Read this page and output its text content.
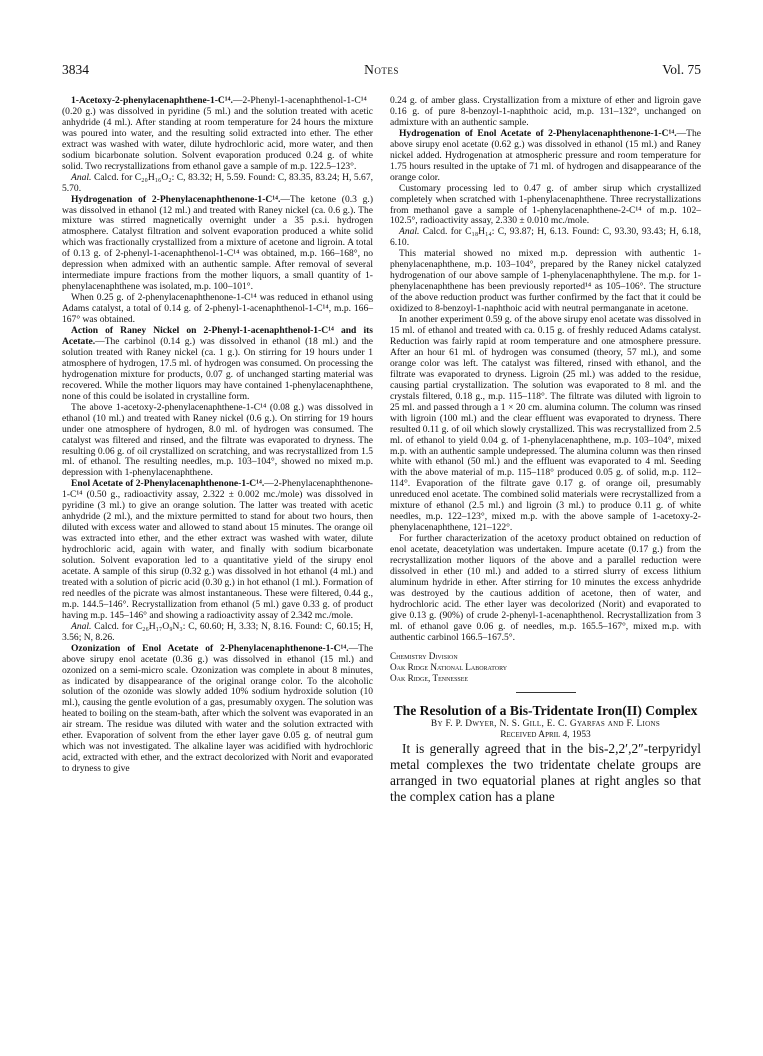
3834	Notes	Vol. 75

1-Acetoxy-2-phenylacenaphthene-1-C¹⁴.—2-Phenyl-1-acenaphthenol-1-C¹⁴ (0.20 g.) was dissolved in pyridine (5 ml.) and the solution treated with acetic anhydride (4 ml.). After standing at room temperature for 24 hours the mixture was poured into water, and the resulting solid extracted into ether. The ether extract was washed with water, dilute hydrochloric acid, more water, and then sodium bicarbonate solution. Solvent evaporation produced 0.24 g. of white solid. Two recrystallizations from ethanol gave a sample of m.p. 122.5–123°.

Anal. Calcd. for C₂₀H₁₆O₂: C, 83.32; H, 5.59. Found: C, 83.35, 83.24; H, 5.67, 5.70.

Hydrogenation of 2-Phenylacenaphthenone-1-C¹⁴.—The ketone (0.3 g.) was dissolved in ethanol (12 ml.) and treated with Raney nickel (ca. 0.6 g.). The mixture was stirred magnetically overnight under a 35 p.s.i. hydrogen atmosphere. Catalyst filtration and solvent evaporation produced a white solid which was fractionally crystallized from a mixture of acetone and ligroin. A total of 0.13 g. of 2-phenyl-1-acenaphthenol-1-C¹⁴ was obtained, m.p. 166–168°, no depression when admixed with an authentic sample. After removal of several intermediate impure fractions from the mother liquors, a small quantity of 1-phenylacenaphthene was isolated, m.p. 100–101°.

When 0.25 g. of 2-phenylacenaphthenone-1-C¹⁴ was reduced in ethanol using Adams catalyst, a total of 0.14 g. of 2-phenyl-1-acenaphthenol-1-C¹⁴, m.p. 166–167° was obtained.

Action of Raney Nickel on 2-Phenyl-1-acenaphthenol-1-C¹⁴ and its Acetate.—The carbinol (0.14 g.) was dissolved in ethanol (18 ml.) and the solution treated with Raney nickel (ca. 1 g.). On stirring for 19 hours under 1 atmosphere of hydrogen, 17.5 ml. of hydrogen was consumed. On processing the hydrogenation mixture for products, 0.07 g. of unchanged starting material was recovered. While the mother liquors may have contained 1-phenylacenaphthene, none of this could be isolated in crystalline form.

The above 1-acetoxy-2-phenylacenaphthene-1-C¹⁴ (0.08 g.) was dissolved in ethanol (10 ml.) and treated with Raney nickel (0.6 g.). On stirring for 19 hours under one atmosphere of hydrogen, 8.0 ml. of hydrogen was consumed. The catalyst was filtered and rinsed, and the filtrate was evaporated to dryness. The resulting 0.06 g. of oil crystallized on scratching, and was recrystallized from 1.5 ml. of ethanol. The resulting needles, m.p. 103–104°, showed no mixed m.p. depression with 1-phenylacenaphthene.

Enol Acetate of 2-Phenylacenaphthenone-1-C¹⁴.—2-Phenylacenaphthenone-1-C¹⁴ (0.50 g., radioactivity assay, 2.322 ± 0.002 mc./mole) was dissolved in pyridine (3 ml.) to give an orange solution. The latter was treated with acetic anhydride (2 ml.), and the mixture permitted to stand for about two hours, then diluted with excess water and allowed to stand about 15 minutes. The orange oil was extracted into ether, and the ether extract was washed with water, dilute hydrochloric acid, again with water, and finally with sodium bicarbonate solution. Solvent evaporation led to a quantitative yield of the sirupy enol acetate. A sample of this sirup (0.32 g.) was dissolved in hot ethanol (4 ml.) and treated with a solution of picric acid (0.30 g.) in hot ethanol (1 ml.). Formation of red needles of the picrate was almost instantaneous. These were filtered, 0.44 g., m.p. 144.5–146°. Recrystallization from ethanol (5 ml.) gave 0.33 g. of product having m.p. 145–146° and showing a radioactivity assay of 2.342 mc./mole.

Anal. Calcd. for C₂₆H₁₇O₉N₃: C, 60.60; H, 3.33; N, 8.16. Found: C, 60.15; H, 3.56; N, 8.26.

Ozonization of Enol Acetate of 2-Phenylacenaphthenone-1-C¹⁴.—The above sirupy enol acetate (0.36 g.) was dissolved in ethanol (15 ml.) and ozonized on a semi-micro scale. Ozonization was complete in about 8 minutes, as indicated by disappearance of the original orange color. To the alcoholic solution of the ozonide was slowly added 10% sodium hydroxide solution (10 ml.), causing the gentle evolution of a gas, presumably oxygen. The solution was heated to boiling on the steam-bath, after which the solvent was evaporated in an air stream. The residue was diluted with water and the solution extracted with ether. Evaporation of solvent from the ether layer gave 0.05 g. of neutral gum which was not investigated. The alkaline layer was acidified with hydrochloric acid, extracted with ether, and the extract decolorized with Norit and evaporated to dryness to give

0.24 g. of amber glass. Crystallization from a mixture of ether and ligroin gave 0.16 g. of pure 8-benzoyl-1-naphthoic acid, m.p. 131–132°, unchanged on admixture with an authentic sample.

Hydrogenation of Enol Acetate of 2-Phenylacenaphthenone-1-C¹⁴.—The above sirupy enol acetate (0.62 g.) was dissolved in ethanol (15 ml.) and Raney nickel added. Hydrogenation at atmospheric pressure and room temperature for 1.75 hours resulted in the uptake of 71 ml. of hydrogen and disappearance of the orange color.

Customary processing led to 0.47 g. of amber sirup which crystallized completely when scratched with 1-phenylacenaphthene. Three recrystallizations from methanol gave a sample of 1-phenylacenaphthene-2-C¹⁴ of m.p. 102–102.5°, radioactivity assay, 2.330 ± 0.010 mc./mole.

Anal. Calcd. for C₁₈H₁₄: C, 93.87; H, 6.13. Found: C, 93.30, 93.43; H, 6.18, 6.10.

This material showed no mixed m.p. depression with authentic 1-phenylacenaphthene, m.p. 103–104°, prepared by the Raney nickel catalyzed hydrogenation of our above sample of 1-phenylacenaphthylene. The m.p. for 1-phenylacenaphthene has been previously reported¹⁴ as 105–106°. The structure of the above reduction product was further confirmed by the fact that it could be oxidized to 8-benzoyl-1-naphthoic acid with neutral permanganate in acetone.

In another experiment 0.59 g. of the above sirupy enol acetate was dissolved in 15 ml. of ethanol and treated with ca. 0.15 g. of freshly reduced Adams catalyst. Reduction was fairly rapid at room temperature and one atmosphere pressure. After an hour 61 ml. of hydrogen was consumed (theory, 57 ml.), and some orange color was left. The catalyst was filtered, rinsed with ethanol, and the filtrate was evaporated to dryness. Ligroin (25 ml.) was added to the residue, causing partial crystallization. The solution was evaporated to 8 ml. and the crystals filtered, 0.18 g., m.p. 115–118°. The filtrate was diluted with ligroin to 25 ml. and passed through a 1 × 20 cm. alumina column. The column was rinsed with ligroin (100 ml.) and the clear effluent was evaporated to dryness. There resulted 0.11 g. of oil which slowly crystallized. This was recrystallized from 2.5 ml. of ethanol to yield 0.04 g. of 1-phenylacenaphthene, m.p. 103–104°, mixed m.p. with an authentic sample undepressed. The alumina column was then rinsed white with ethanol (50 ml.) and the effluent was evaporated to 4 ml. Seeding with the above material of m.p. 115–118° produced 0.05 g. of solid, m.p. 112–114°. Evaporation of the filtrate gave 0.17 g. of orange oil, presumably unreduced enol acetate. The combined solid materials were recrystallized from a mixture of ethanol (2.5 ml.) and ligroin (3 ml.) to produce 0.11 g. of white needles, m.p. 122–123°, mixed m.p. with the above sample of 1-acetoxy-2-phenylacenaphthene, 121–122°.

For further characterization of the acetoxy product obtained on reduction of enol acetate, deacetylation was undertaken. Impure acetate (0.17 g.) from the recrystallization mother liquors of the above and a parallel reduction were dissolved in ether (10 ml.) and added to a stirred slurry of excess lithium aluminum hydride in ether. After stirring for 10 minutes the excess anhydride was destroyed by the cautious addition of acetone, then of water, and hydrochloric acid. The ether layer was decolorized (Norit) and evaporated to give 0.13 g. (90%) of crude 2-phenyl-1-acenaphthenol. Recrystallization from 3 ml. of ethanol gave 0.06 g. of needles, m.p. 165.5–167°, mixed m.p. with authentic carbinol 166.5–167.5°.

Chemistry Division
Oak Ridge National Laboratory
Oak Ridge, Tennessee

The Resolution of a Bis-Tridentate Iron(II) Complex

By F. P. Dwyer, N. S. Gill, E. C. Gyarfas and F. Lions

Received April 4, 1953

It is generally agreed that in the bis-2,2′,2″-terpyridyl metal complexes the two tridentate chelate groups are arranged in two equatorial planes at right angles so that the complex cation has a plane
